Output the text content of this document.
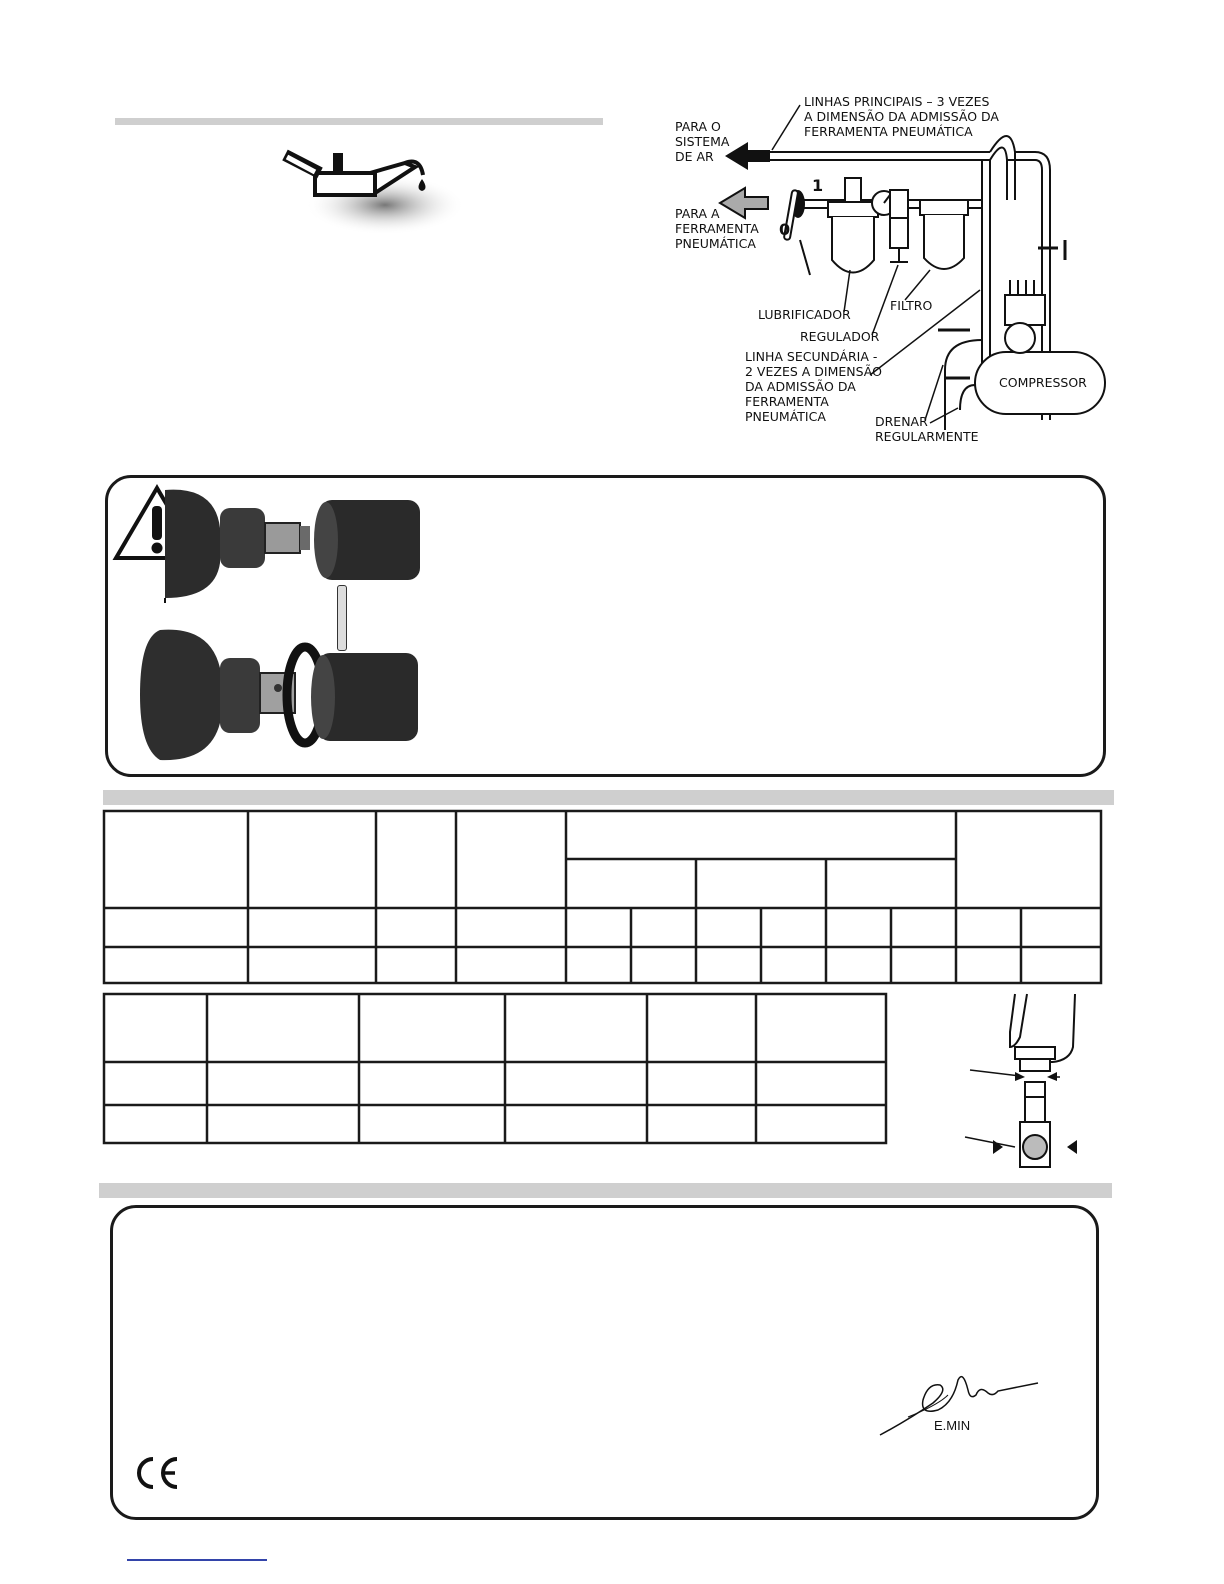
LINHAS PRINCIPAIS – 3 VEZES
A DIMENSÃO DA ADMISSÃO DA
FERRAMENTA PNEUMÁTICA
PARA O
SISTEMA
DE AR
PARA A
FERRAMENTA
PNEUMÁTICA
1
0
LUBRIFICADOR
FILTRO
REGULADOR
LINHA SECUNDÁRIA -
2 VEZES A DIMENSÃO
DA ADMISSÃO DA
FERRAMENTA
PNEUMÁTICA
COMPRESSOR
DRENAR
REGULARMENTE
E.MIN
